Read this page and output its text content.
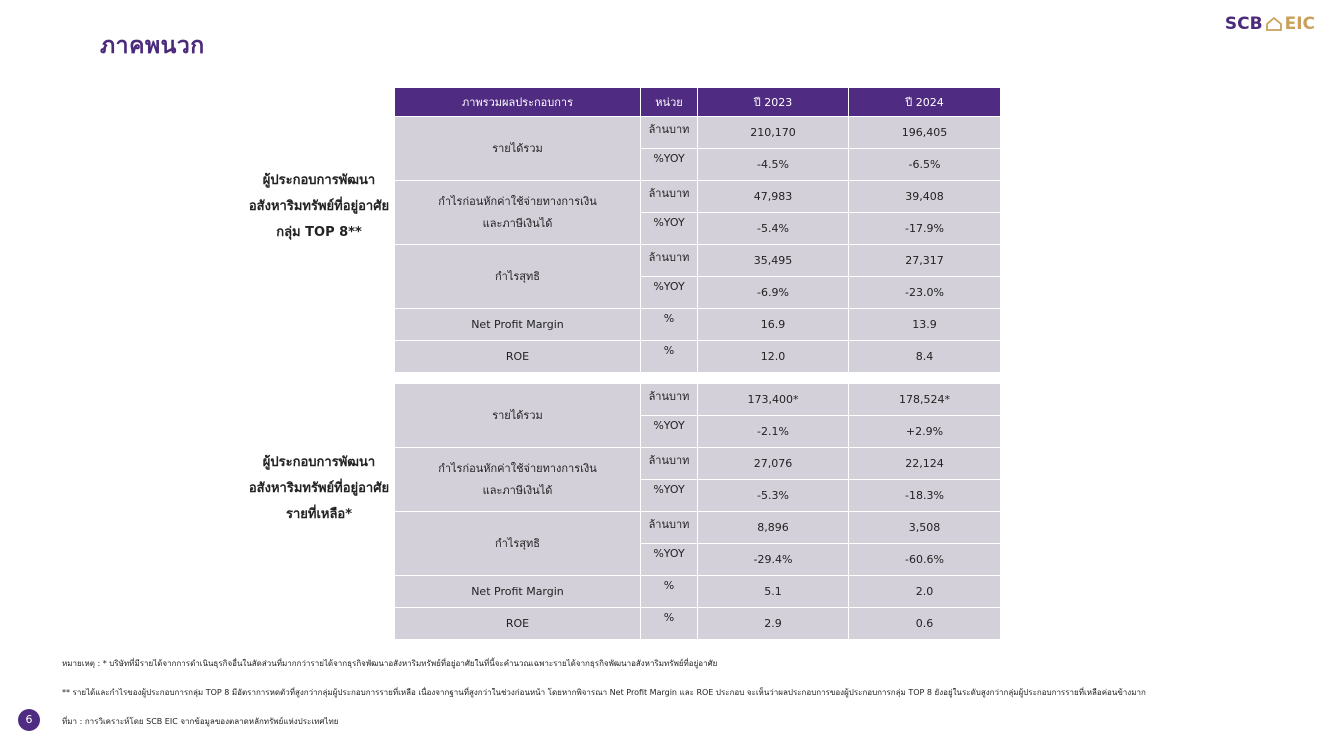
ภาคพนวก
SCB EIC
ผู้ประกอบการพัฒนา
อสังหาริมทรัพย์ที่อยู่อาศัย
กลุ่ม TOP 8**
ภาพรวมผลประกอบการ	หน่วย	ปี 2023	ปี 2024
รายได้รวม	ล้านบาท	210,170	196,405
	%YOY	-4.5%	-6.5%

กำไรก่อนหักค่าใช้จ่ายทางการเงิน
และภาษีเงินได้	ล้านบาท	47,983	39,408
	%YOY	-5.4%	-17.9%
กำไรสุทธิ	ล้านบาท	35,495	27,317
	%YOY	-6.9%	-23.0%
Net Profit Margin	%	16.9	13.9
ROE	%	12.0	8.4
ผู้ประกอบการพัฒนา
อสังหาริมทรัพย์ที่อยู่อาศัย
รายที่เหลือ*
รายได้รวม	ล้านบาท	173,400*	178,524*
	%YOY	-2.1%	+2.9%

กำไรก่อนหักค่าใช้จ่ายทางการเงิน
และภาษีเงินได้	ล้านบาท	27,076	22,124
	%YOY	-5.3%	-18.3%
กำไรสุทธิ	ล้านบาท	8,896	3,508
	%YOY	-29.4%	-60.6%
Net Profit Margin	%	5.1	2.0
ROE	%	2.9	0.6
หมายเหตุ : * บริษัทที่มีรายได้จากการดำเนินธุรกิจอื่นในสัดส่วนที่มากกว่ารายได้จากธุรกิจพัฒนาอสังหาริมทรัพย์ที่อยู่อาศัยในที่นี้จะคำนวณเฉพาะรายได้จากธุรกิจพัฒนาอสังหาริมทรัพย์ที่อยู่อาศัย
** รายได้และกำไรของผู้ประกอบการกลุ่ม TOP 8 มีอัตราการหดตัวที่สูงกว่ากลุ่มผู้ประกอบการรายที่เหลือ เนื่องจากฐานที่สูงกว่าในช่วงก่อนหน้า โดยหากพิจารณา Net Profit Margin และ ROE ประกอบ จะเห็นว่าผลประกอบการของผู้ประกอบการกลุ่ม TOP 8 ยังอยู่ในระดับสูงกว่ากลุ่มผู้ประกอบการรายที่เหลือค่อนข้างมาก
ที่มา : การวิเคราะห์โดย SCB EIC จากข้อมูลของตลาดหลักทรัพย์แห่งประเทศไทย
6
